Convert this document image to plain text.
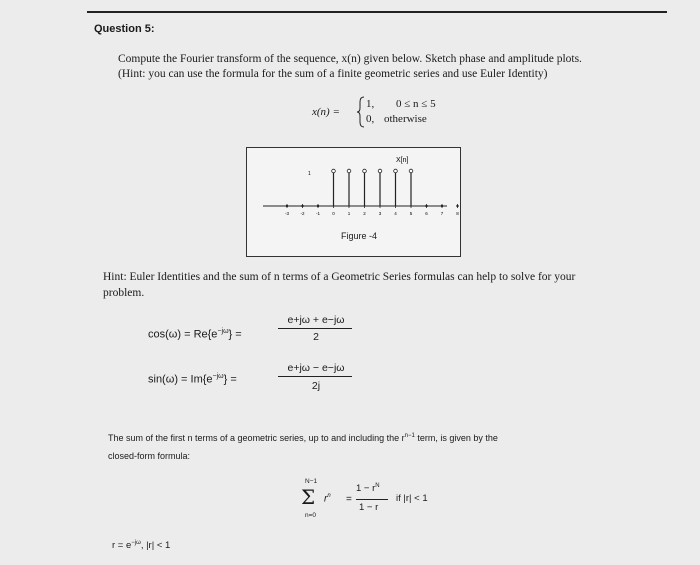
Question 5:
Compute the Fourier transform of the sequence, x(n) given below. Sketch phase and amplitude plots.
(Hint: you can use the formula for the sum of a finite geometric series and use Euler Identity)
x(n) =
1, 0 ≤ n ≤ 5
0, otherwise
X[n]
-3	-2	-1	0	1	2	3	4	5	6	7	8
1
Figure -4
Hint: Euler Identities and the sum of n terms of a Geometric Series formulas can help to solve for your
problem.
$\cos(\omega) = Re\{e^{-j\omega}\}$ =
e+jω + e−jω
2
$\sin(\omega) = Im\{e^{-j\omega}\}$ =
e+jω − e−jω
2j
The sum of the first n terms of a geometric series, up to and including the $r^{n-1}$ term, is given by the
closed-form formula:
N−1
Σ
n=0
$r^n$ =
$1 - r^N$
1 − r
if |r| < 1
$r = e^{-j\omega}$, |r| < 1
